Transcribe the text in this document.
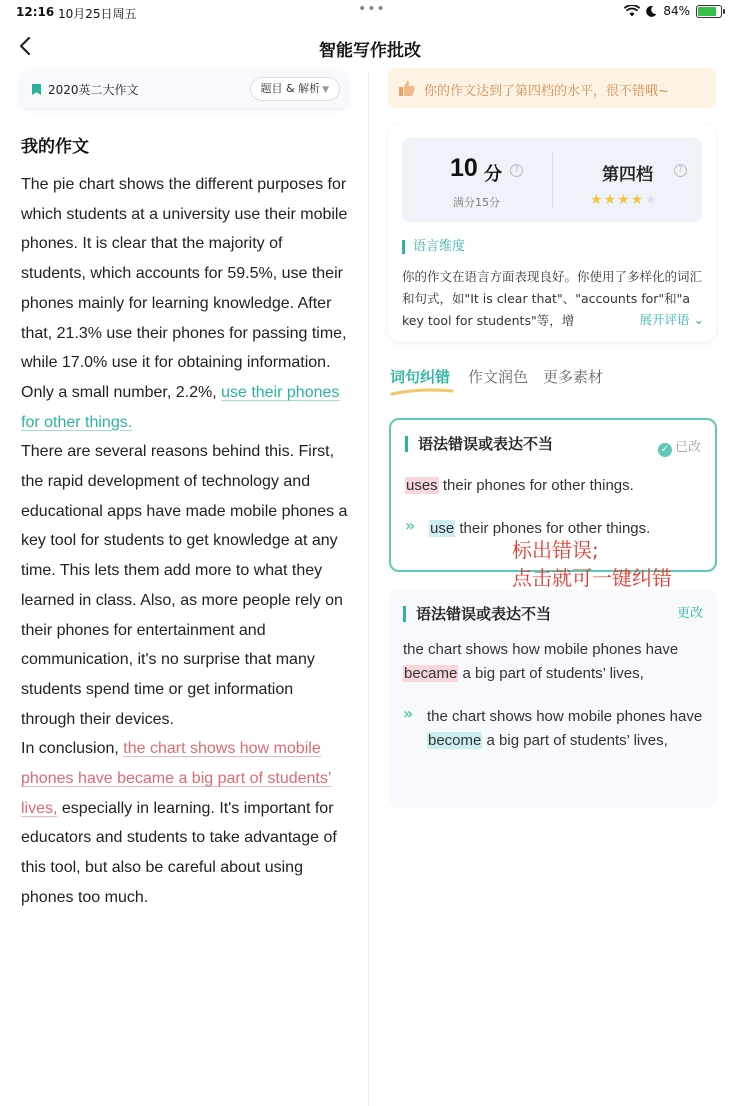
12:16 10月25日周五	•••	84%
智能写作批改
2020英二大作文	题目 & 解析 ▼
我的作文
The pie chart shows the different purposes for which students at a university use their mobile phones. It is clear that the majority of students, which accounts for 59.5%, use their phones mainly for learning knowledge. After that, 21.3% use their phones for passing time, while 17.0% use it for obtaining information. Only a small number, 2.2%, use their phones for other things.
There are several reasons behind this. First, the rapid development of technology and educational apps have made mobile phones a key tool for students to get knowledge at any time. This lets them add more to what they learned in class. Also, as more people rely on their phones for entertainment and communication, it's no surprise that many students spend time or get information through their devices.
In conclusion, the chart shows how mobile phones have became a big part of students’ lives, especially in learning. It's important for educators and students to take advantage of this tool, but also be careful about using phones too much.
你的作文达到了第四档的水平，很不错哦~
10 分	?
满分15分
第四档	?
★★★★★
语言维度
你的作文在语言方面表现良好。你使用了多样化的词汇和句式，如"It is clear that"、"accounts for"和"a key tool for students"等，增	展开评语 ⌄
词句纠错 作文润色 更多素材
语法错误或表达不当	✓ 已改
uses their phones for other things.
» use their phones for other things.
标出错误;
点击就可一键纠错
语法错误或表达不当	更改
the chart shows how mobile phones have became a big part of students’ lives,
» the chart shows how mobile phones have become a big part of students’ lives,
